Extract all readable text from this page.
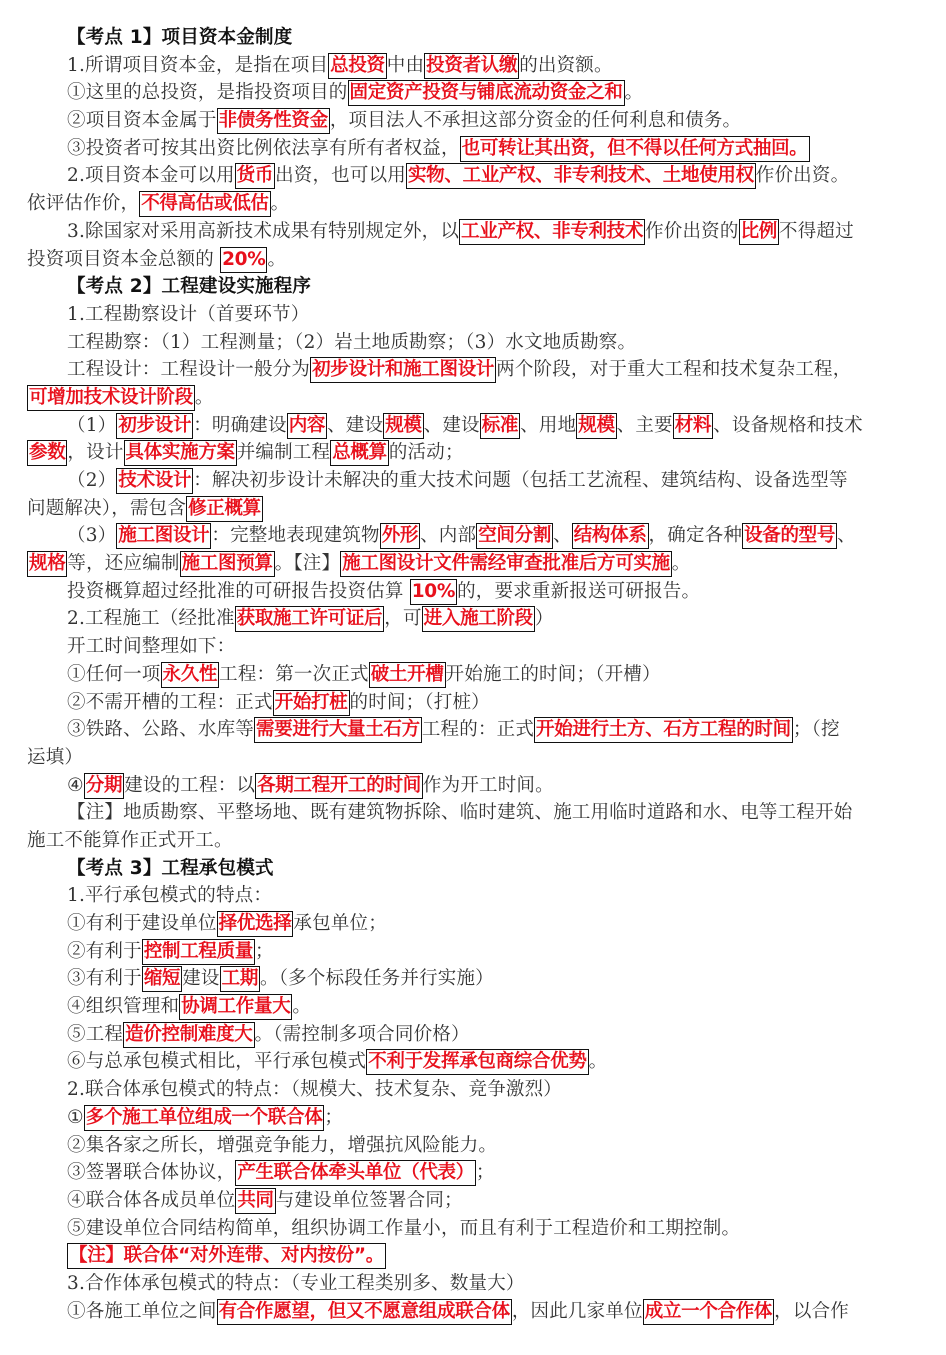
【考点 1】项目资本金制度
1.所谓项目资本金，是指在项目 总投资 中由 投资者认缴 的出资额。
①这里的总投资，是指投资项目的 固定资产投资与铺底流动资金之和 。
②项目资本金属于 非债务性资金 ，项目法人不承担这部分资金的任何利息和债务。
③投资者可按其出资比例依法享有所有者权益， 也可转让其出资，但不得以任何方式抽回。
2.项目资本金可以用 货币 出资，也可以用 实物、工业产权、非专利技术、土地使用权 作价出资。
依评估作价， 不得高估或低估 。
3.除国家对采用高新技术成果有特别规定外，以 工业产权、非专利技术 作价出资的 比例 不得超过
投资项目资本金总额的 20% 。
【考点 2】工程建设实施程序
1.工程勘察设计（首要环节）
工程勘察：（1）工程测量；（2）岩土地质勘察；（3）水文地质勘察。
工程设计：工程设计一般分为 初步设计和施工图设计 两个阶段，对于重大工程和技术复杂工程，
可增加技术设计阶段 。
（1） 初步设计 ：明确建设 内容 、建设 规模 、建设 标准 、用地 规模 、主要 材料 、设备规格和技术
参数 ，设计 具体实施方案 并编制工程 总概算 的活动；
（2） 技术设计 ：解决初步设计未解决的重大技术问题（包括工艺流程、建筑结构、设备选型等
问题解决），需包含 修正概算
（3） 施工图设计 ：完整地表现建筑物 外形 、内部 空间分割 、 结构体系 ，确定各种 设备的型号 、
规格 等，还应编制 施工图预算 。【注】 施工图设计文件需经审查批准后方可实施 。
投资概算超过经批准的可研报告投资估算 10% 的，要求重新报送可研报告。
2.工程施工（经批准 获取施工许可证后 ，可 进入施工阶段 ）
开工时间整理如下：
①任何一项 永久性 工程：第一次正式 破土开槽 开始施工的时间；（开槽）
②不需开槽的工程：正式 开始打桩 的时间；（打桩）
③铁路、公路、水库等 需要进行大量土石方 工程的：正式 开始进行土方、石方工程的时间 ；（挖
运填）
④ 分期 建设的工程：以 各期工程开工的时间 作为开工时间。
【注】地质勘察、平整场地、既有建筑物拆除、临时建筑、施工用临时道路和水、电等工程开始
施工不能算作正式开工。
【考点 3】工程承包模式
1.平行承包模式的特点：
①有利于建设单位 择优选择 承包单位；
②有利于 控制工程质量 ；
③有利于 缩短 建设 工期 。（多个标段任务并行实施）
④组织管理和 协调工作量大 。
⑤工程 造价控制难度大 。（需控制多项合同价格）
⑥与总承包模式相比，平行承包模式 不利于发挥承包商综合优势 。
2.联合体承包模式的特点：（规模大、技术复杂、竞争激烈）
① 多个施工单位组成一个联合体 ；
②集各家之所长，增强竞争能力，增强抗风险能力。
③签署联合体协议， 产生联合体牵头单位（代表） ；
④联合体各成员单位 共同 与建设单位签署合同；
⑤建设单位合同结构简单，组织协调工作量小，而且有利于工程造价和工期控制。
【注】联合体“对外连带、对内按份”。
3.合作体承包模式的特点：（专业工程类别多、数量大）
①各施工单位之间 有合作愿望，但又不愿意组成联合体 ，因此几家单位 成立一个合作体 ，以合作
